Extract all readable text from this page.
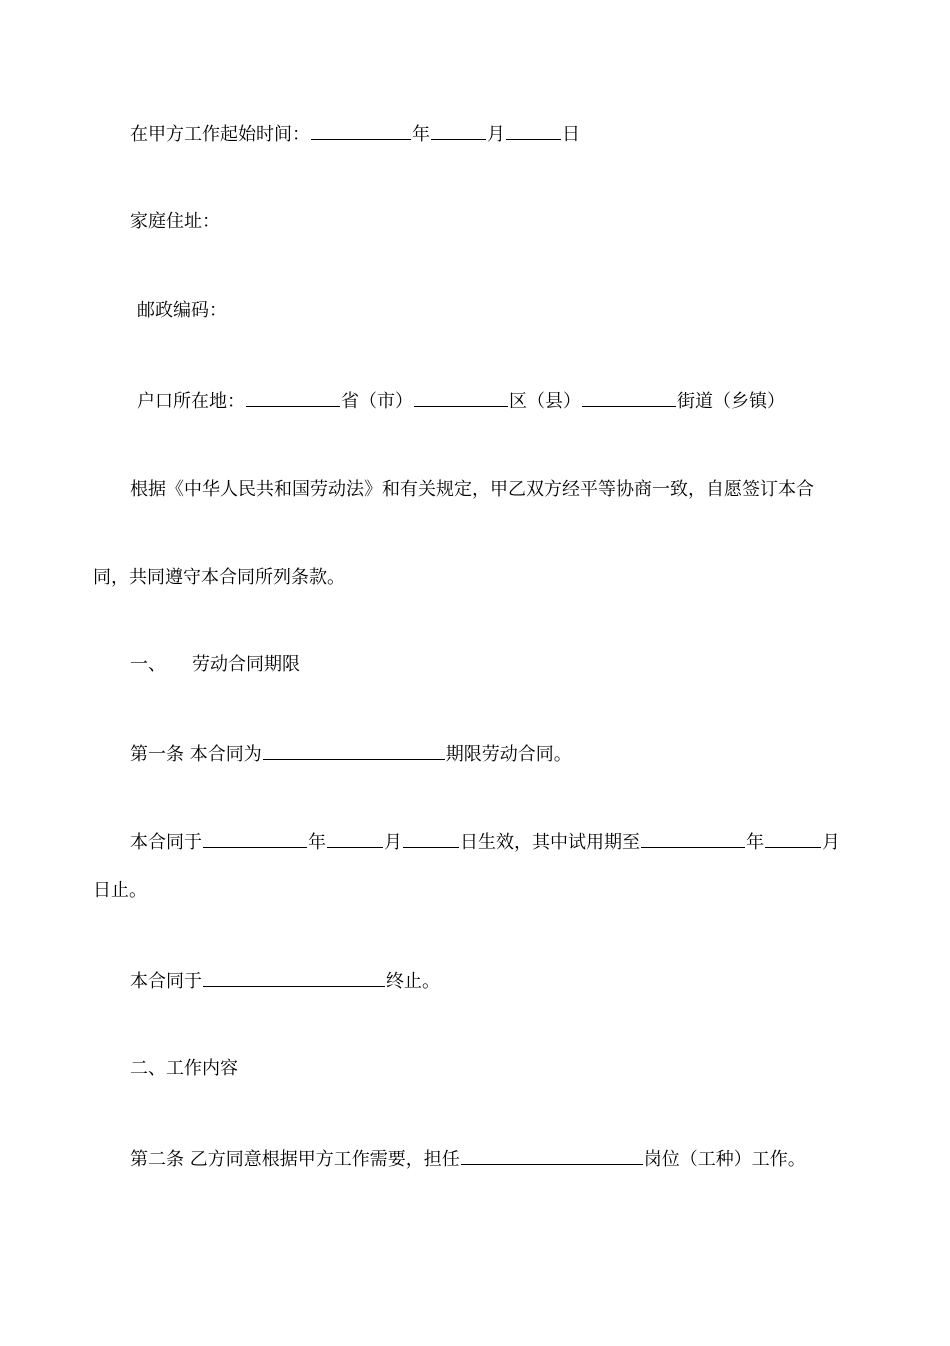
在甲方工作起始时间：	年	月	日
家庭住址：
邮政编码：
户口所在地：	省（市）	区（县）	街道（乡镇）
根据《中华人民共和国劳动法》和有关规定，甲乙双方经平等协商一致，自愿签订本合
同，共同遵守本合同所列条款。
一、 劳动合同期限
第一条 本合同为	期限劳动合同。
本合同于	年	月	日生效，其中试用期至	年	月
日止。
本合同于	终止。
二、工作内容
第二条 乙方同意根据甲方工作需要，担任	岗位（工种）工作。
